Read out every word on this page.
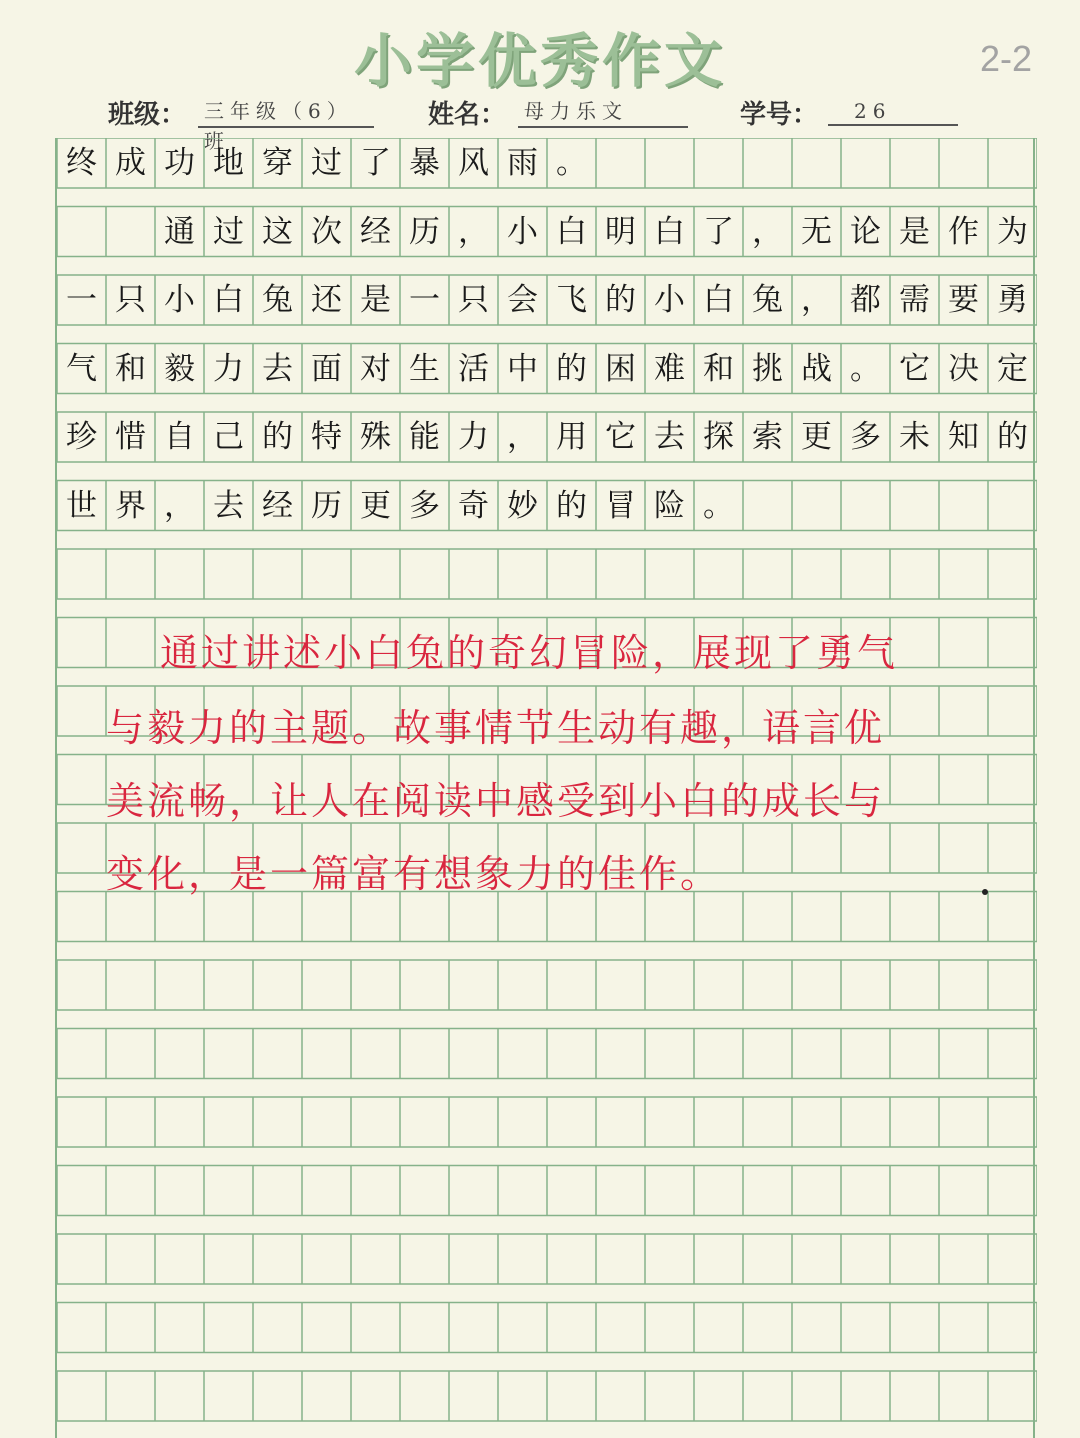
小学优秀作文	2-2
班级： 三年级（6）班
姓名： 母力乐文	学号：	26
终 成 功 地 穿 过 了 暴 风 雨 。
通 过 这 次 经 历 ， 小 白 明 白 了 ， 无 论 是 作 为
一 只 小 白 兔 还 是 一 只 会 飞 的 小 白 兔 ， 都 需 要 勇
气 和 毅 力 去 面 对 生 活 中 的 困 难 和 挑 战 。 它 决 定
珍 惜 自 己 的 特 殊 能 力 ， 用 它 去 探 索 更 多 未 知 的
世 界 ， 去 经 历 更 多 奇 妙 的 冒 险 。
通过讲述小白兔的奇幻冒险，展现了勇气
与毅力的主题。故事情节生动有趣，语言优
美流畅，让人在阅读中感受到小白的成长与
变化，是一篇富有想象力的佳作。
